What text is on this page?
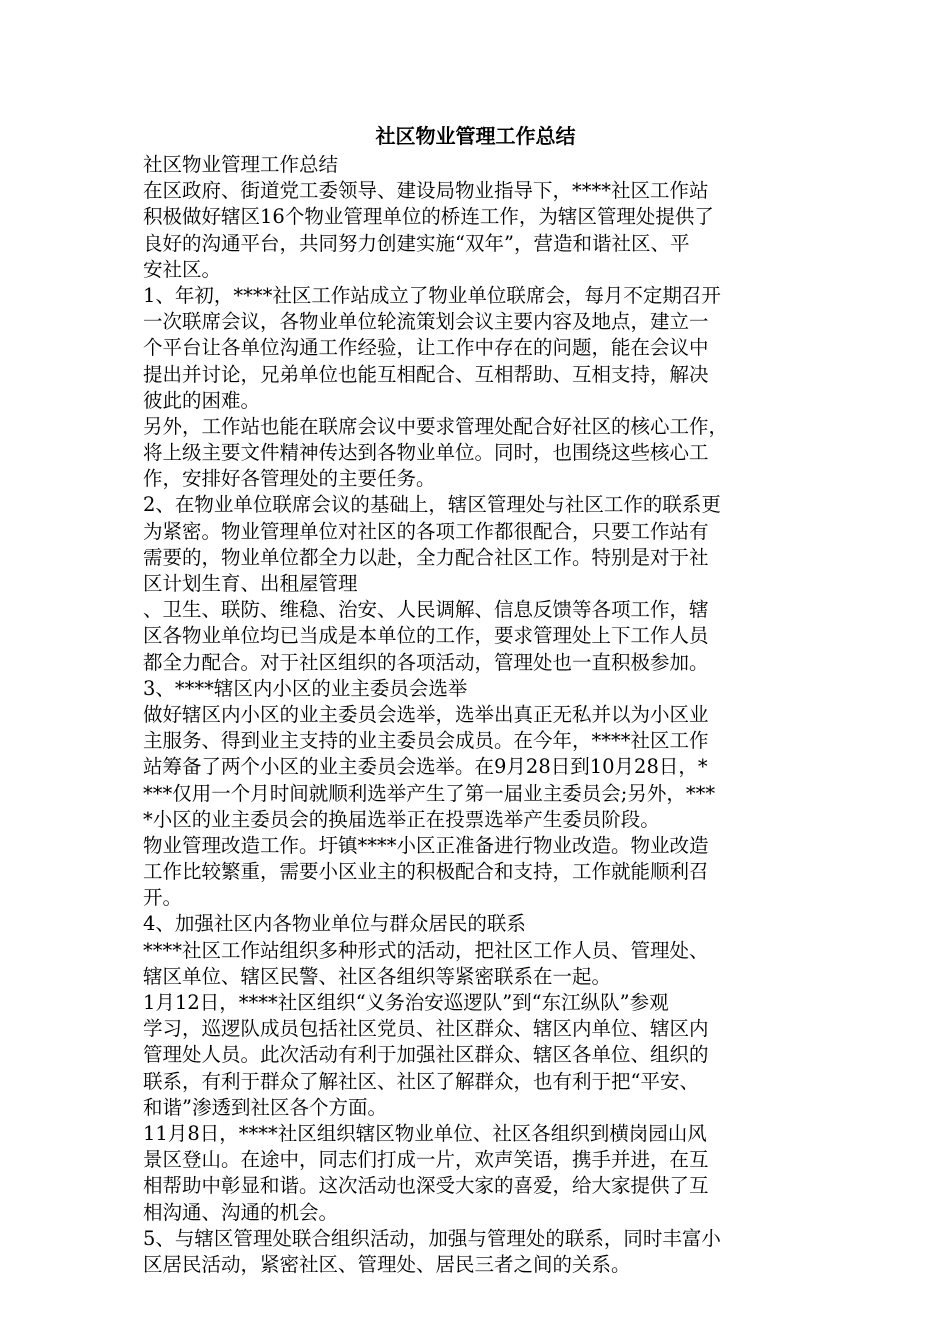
社区物业管理工作总结

社区物业管理工作总结

在区政府、街道党工委领导、建设局物业指导下，****社区工作站
积极做好辖区16个物业管理单位的桥连工作，为辖区管理处提供了
良好的沟通平台，共同努力创建实施“双年”，营造和谐社区、平
安社区。

1、年初，****社区工作站成立了物业单位联席会，每月不定期召开
一次联席会议，各物业单位轮流策划会议主要内容及地点，建立一
个平台让各单位沟通工作经验，让工作中存在的问题，能在会议中
提出并讨论，兄弟单位也能互相配合、互相帮助、互相支持，解决
彼此的困难。

另外，工作站也能在联席会议中要求管理处配合好社区的核心工作，
将上级主要文件精神传达到各物业单位。同时，也围绕这些核心工
作，安排好各管理处的主要任务。

2、在物业单位联席会议的基础上，辖区管理处与社区工作的联系更
为紧密。物业管理单位对社区的各项工作都很配合，只要工作站有
需要的，物业单位都全力以赴，全力配合社区工作。特别是对于社
区计划生育、出租屋管理

、卫生、联防、维稳、治安、人民调解、信息反馈等各项工作，辖
区各物业单位均已当成是本单位的工作，要求管理处上下工作人员
都全力配合。对于社区组织的各项活动，管理处也一直积极参加。

3、****辖区内小区的业主委员会选举

做好辖区内小区的业主委员会选举，选举出真正无私并以为小区业
主服务、得到业主支持的业主委员会成员。在今年，****社区工作
站筹备了两个小区的业主委员会选举。在9月28日到10月28日，*
***仅用一个月时间就顺利选举产生了第一届业主委员会;另外，***
*小区的业主委员会的换届选举正在投票选举产生委员阶段。

物业管理改造工作。圩镇****小区正准备进行物业改造。物业改造
工作比较繁重，需要小区业主的积极配合和支持，工作就能顺利召
开。

4、加强社区内各物业单位与群众居民的联系

****社区工作站组织多种形式的活动，把社区工作人员、管理处、
辖区单位、辖区民警、社区各组织等紧密联系在一起。

1月12日，****社区组织“义务治安巡逻队”到“东江纵队”参观
学习，巡逻队成员包括社区党员、社区群众、辖区内单位、辖区内
管理处人员。此次活动有利于加强社区群众、辖区各单位、组织的
联系，有利于群众了解社区、社区了解群众，也有利于把“平安、
和谐”渗透到社区各个方面。

11月8日，****社区组织辖区物业单位、社区各组织到横岗园山风
景区登山。在途中，同志们打成一片，欢声笑语，携手并进，在互
相帮助中彰显和谐。这次活动也深受大家的喜爱，给大家提供了互
相沟通、沟通的机会。

5、与辖区管理处联合组织活动，加强与管理处的联系，同时丰富小
区居民活动，紧密社区、管理处、居民三者之间的关系。
